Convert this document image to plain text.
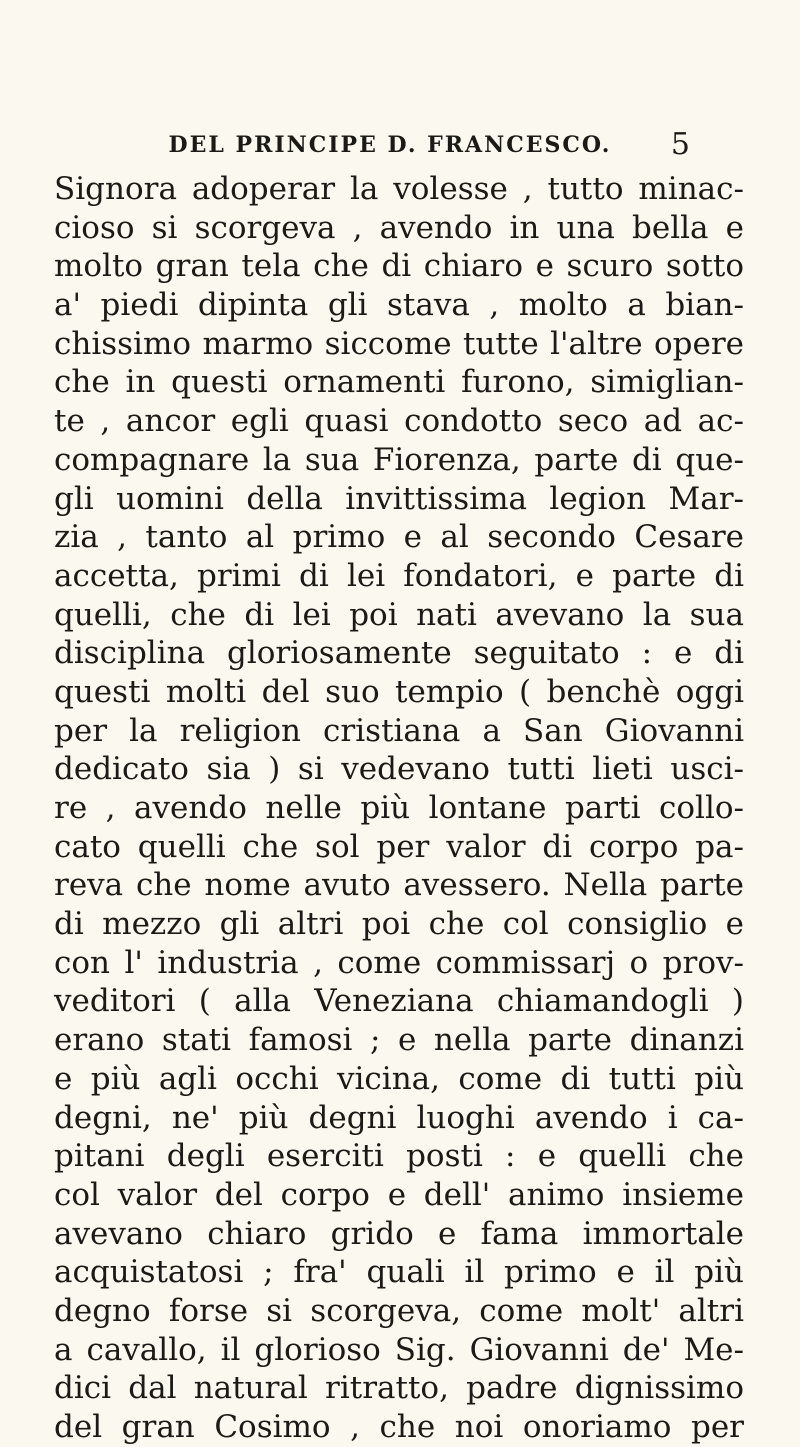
DEL PRINCIPE D. FRANCESCO.	5
Signora adoperar la volesse , tutto minac-
cioso si scorgeva , avendo in una bella e
molto gran tela che di chiaro e scuro sotto
a' piedi dipinta gli stava , molto a bian-
chissimo marmo siccome tutte l'altre opere
che in questi ornamenti furono, simiglian-
te , ancor egli quasi condotto seco ad ac-
compagnare la sua Fiorenza, parte di que-
gli uomini della invittissima legion Mar-
zia , tanto al primo e al secondo Cesare
accetta, primi di lei fondatori, e parte di
quelli, che di lei poi nati avevano la sua
disciplina gloriosamente seguitato : e di
questi molti del suo tempio ( benchè oggi
per la religion cristiana a San Giovanni
dedicato sia ) si vedevano tutti lieti usci-
re , avendo nelle più lontane parti collo-
cato quelli che sol per valor di corpo pa-
reva che nome avuto avessero. Nella parte
di mezzo gli altri poi che col consiglio e
con l' industria , come commissarj o prov-
veditori ( alla Veneziana chiamandogli )
erano stati famosi ; e nella parte dinanzi
e più agli occhi vicina, come di tutti più
degni, ne' più degni luoghi avendo i ca-
pitani degli eserciti posti : e quelli che
col valor del corpo e dell' animo insieme
avevano chiaro grido e fama immortale
acquistatosi ; fra' quali il primo e il più
degno forse si scorgeva, come molt' altri
a cavallo, il glorioso Sig. Giovanni de' Me-
dici dal natural ritratto, padre dignissimo
del gran Cosimo , che noi onoriamo per
